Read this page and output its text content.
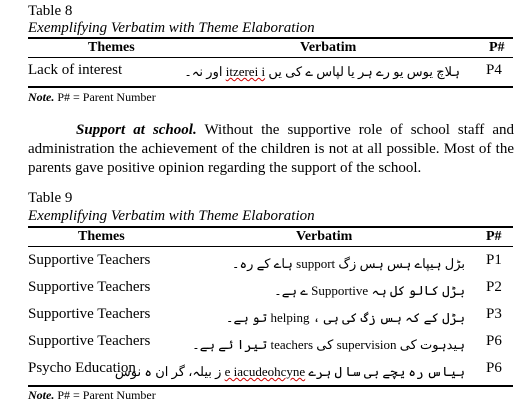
Table 8
Exemplifying Verbatim with Theme Elaboration
Themes	Verbatim	P#
Lack of interest	ہلاچ یوس یو رے ہر یا لپاس ے کی یں itzerei i اور نہ۔	P4
Note. P# = Parent Number
Support at school. Without the supportive role of school staff and administration the achievement of the children is not at all possible. Most of the parents gave positive opinion regarding the support of the school.
Table 9
Exemplifying Verbatim with Theme Elaboration
Themes	Verbatim	P#
Supportive Teachers	بڑل ہیپاے ہس ہس زگ support ہاے کے رہ۔	P1
Supportive Teachers	بڑل کالو کل ہہ Supportive ے ہے۔	P2
Supportive Teachers	بڑل کے کہ ہس زگ کی ہی ، helping تو ہے۔	P3
Supportive Teachers	ہیدہوت کی supervision کی teachers تیرا ئے ہے۔	P6
Psycho Education	ہیاس رہ یچے بی سا ل ہرے e iacudeohcyne ز بیلہ، گر ان ہ نوس	P6
Note. P# = Parent Number
